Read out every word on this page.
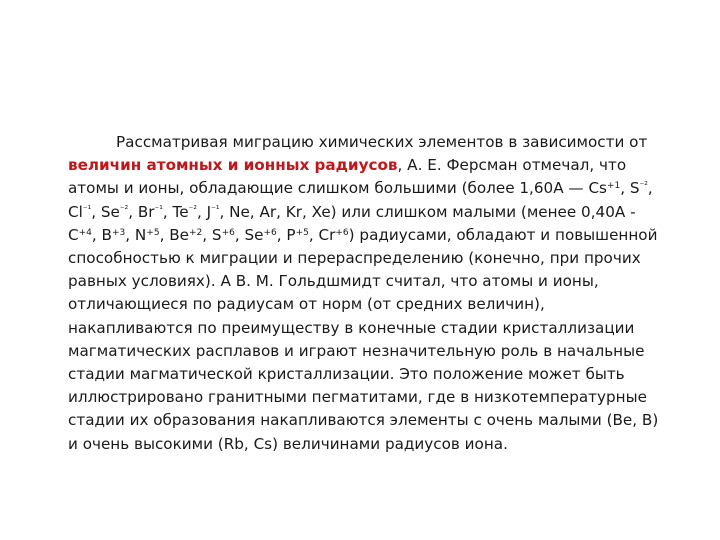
Рассматривая миграцию химических элементов в зависимости от
величин атомных и ионных радиусов, А. Е. Ферсман отмечал, что
атомы и ионы, обладающие слишком большими (более 1,60А — $Cs^{+1}$, $S^{^{-2}}$,
$Cl^{^{-1}}$, $Se^{^{-2}}$, $Br^{^{-1}}$, $Te^{^{-2}}$, $J^{^{-1}}$, Ne, Ar, Kr, Xe) или слишком малыми (менее 0,40А -
$C^{+4}$, $B^{+3}$, $N^{+5}$, $Be^{+2}$, $S^{+6}$, $Se^{+6}$, $P^{+5}$, $Cr^{+6}$) радиусами, обладают и повышенной
способностью к миграции и перераспределению (конечно, при прочих
равных условиях). А В. М. Гольдшмидт считал, что атомы и ионы,
отличающиеся по радиусам от норм (от средних величин),
накапливаются по преимуществу в конечные стадии кристаллизации
магматических расплавов и играют незначительную роль в начальные
стадии магматической кристаллизации. Это положение может быть
иллюстрировано гранитными пегматитами, где в низкотемпературные
стадии их образования накапливаются элементы с очень малыми (Be, B)
и очень высокими (Rb, Cs) величинами радиусов иона.
